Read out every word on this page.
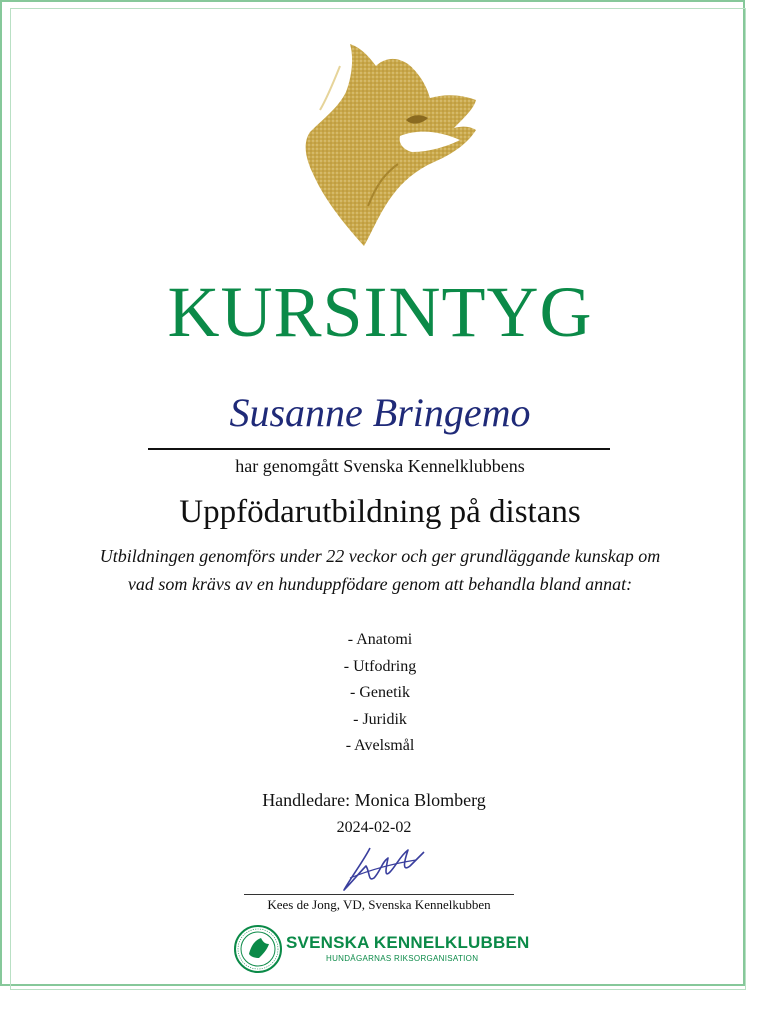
KURSINTYG
Susanne Bringemo
har genomgått Svenska Kennelklubbens
Uppfödarutbildning på distans
Utbildningen genomförs under 22 veckor och ger grundläggande kunskap om
vad som krävs av en hunduppfödare genom att behandla bland annat:
- Anatomi
- Utfodring
- Genetik
- Juridik
- Avelsmål
Handledare: Monica Blomberg
2024-02-02
Kees de Jong, VD, Svenska Kennelkubben
SVENSKA KENNELKLUBBEN
HUNDÄGARNAS RIKSORGANISATION
